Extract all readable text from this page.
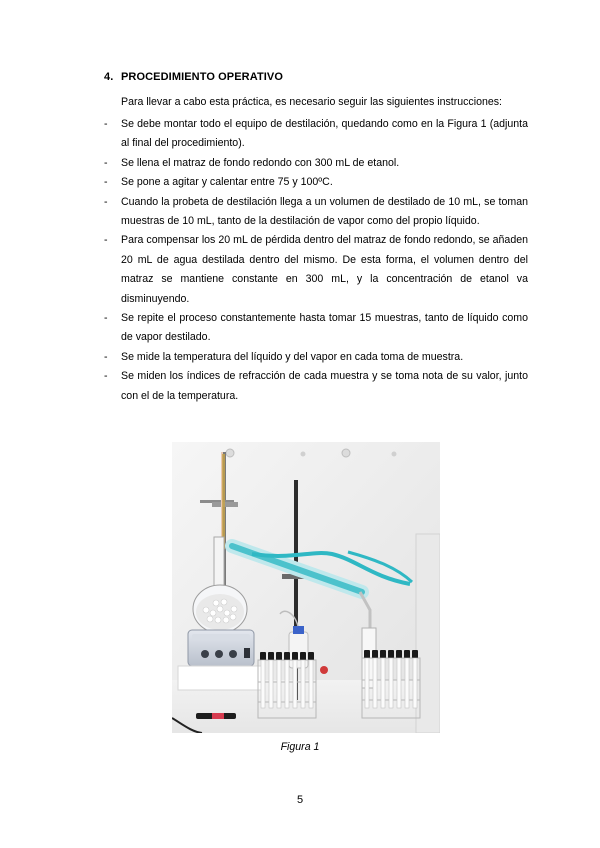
4. PROCEDIMIENTO OPERATIVO
Para llevar a cabo esta práctica, es necesario seguir las siguientes instrucciones:
- Se debe montar todo el equipo de destilación, quedando como en la Figura 1 (adjunta al final del procedimiento).
- Se llena el matraz de fondo redondo con 300 mL de etanol.
- Se pone a agitar y calentar entre 75 y 100ºC.
- Cuando la probeta de destilación llega a un volumen de destilado de 10 mL, se toman muestras de 10 mL, tanto de la destilación de vapor como del propio líquido.
- Para compensar los 20 mL de pérdida dentro del matraz de fondo redondo, se añaden 20 mL de agua destilada dentro del mismo. De esta forma, el volumen dentro del matraz se mantiene constante en 300 mL, y la concentración de etanol va disminuyendo.
- Se repite el proceso constantemente hasta tomar 15 muestras, tanto de líquido como de vapor destilado.
- Se mide la temperatura del líquido y del vapor en cada toma de muestra.
- Se miden los índices de refracción de cada muestra y se toma nota de su valor, junto con el de la temperatura.
Figura 1
5
